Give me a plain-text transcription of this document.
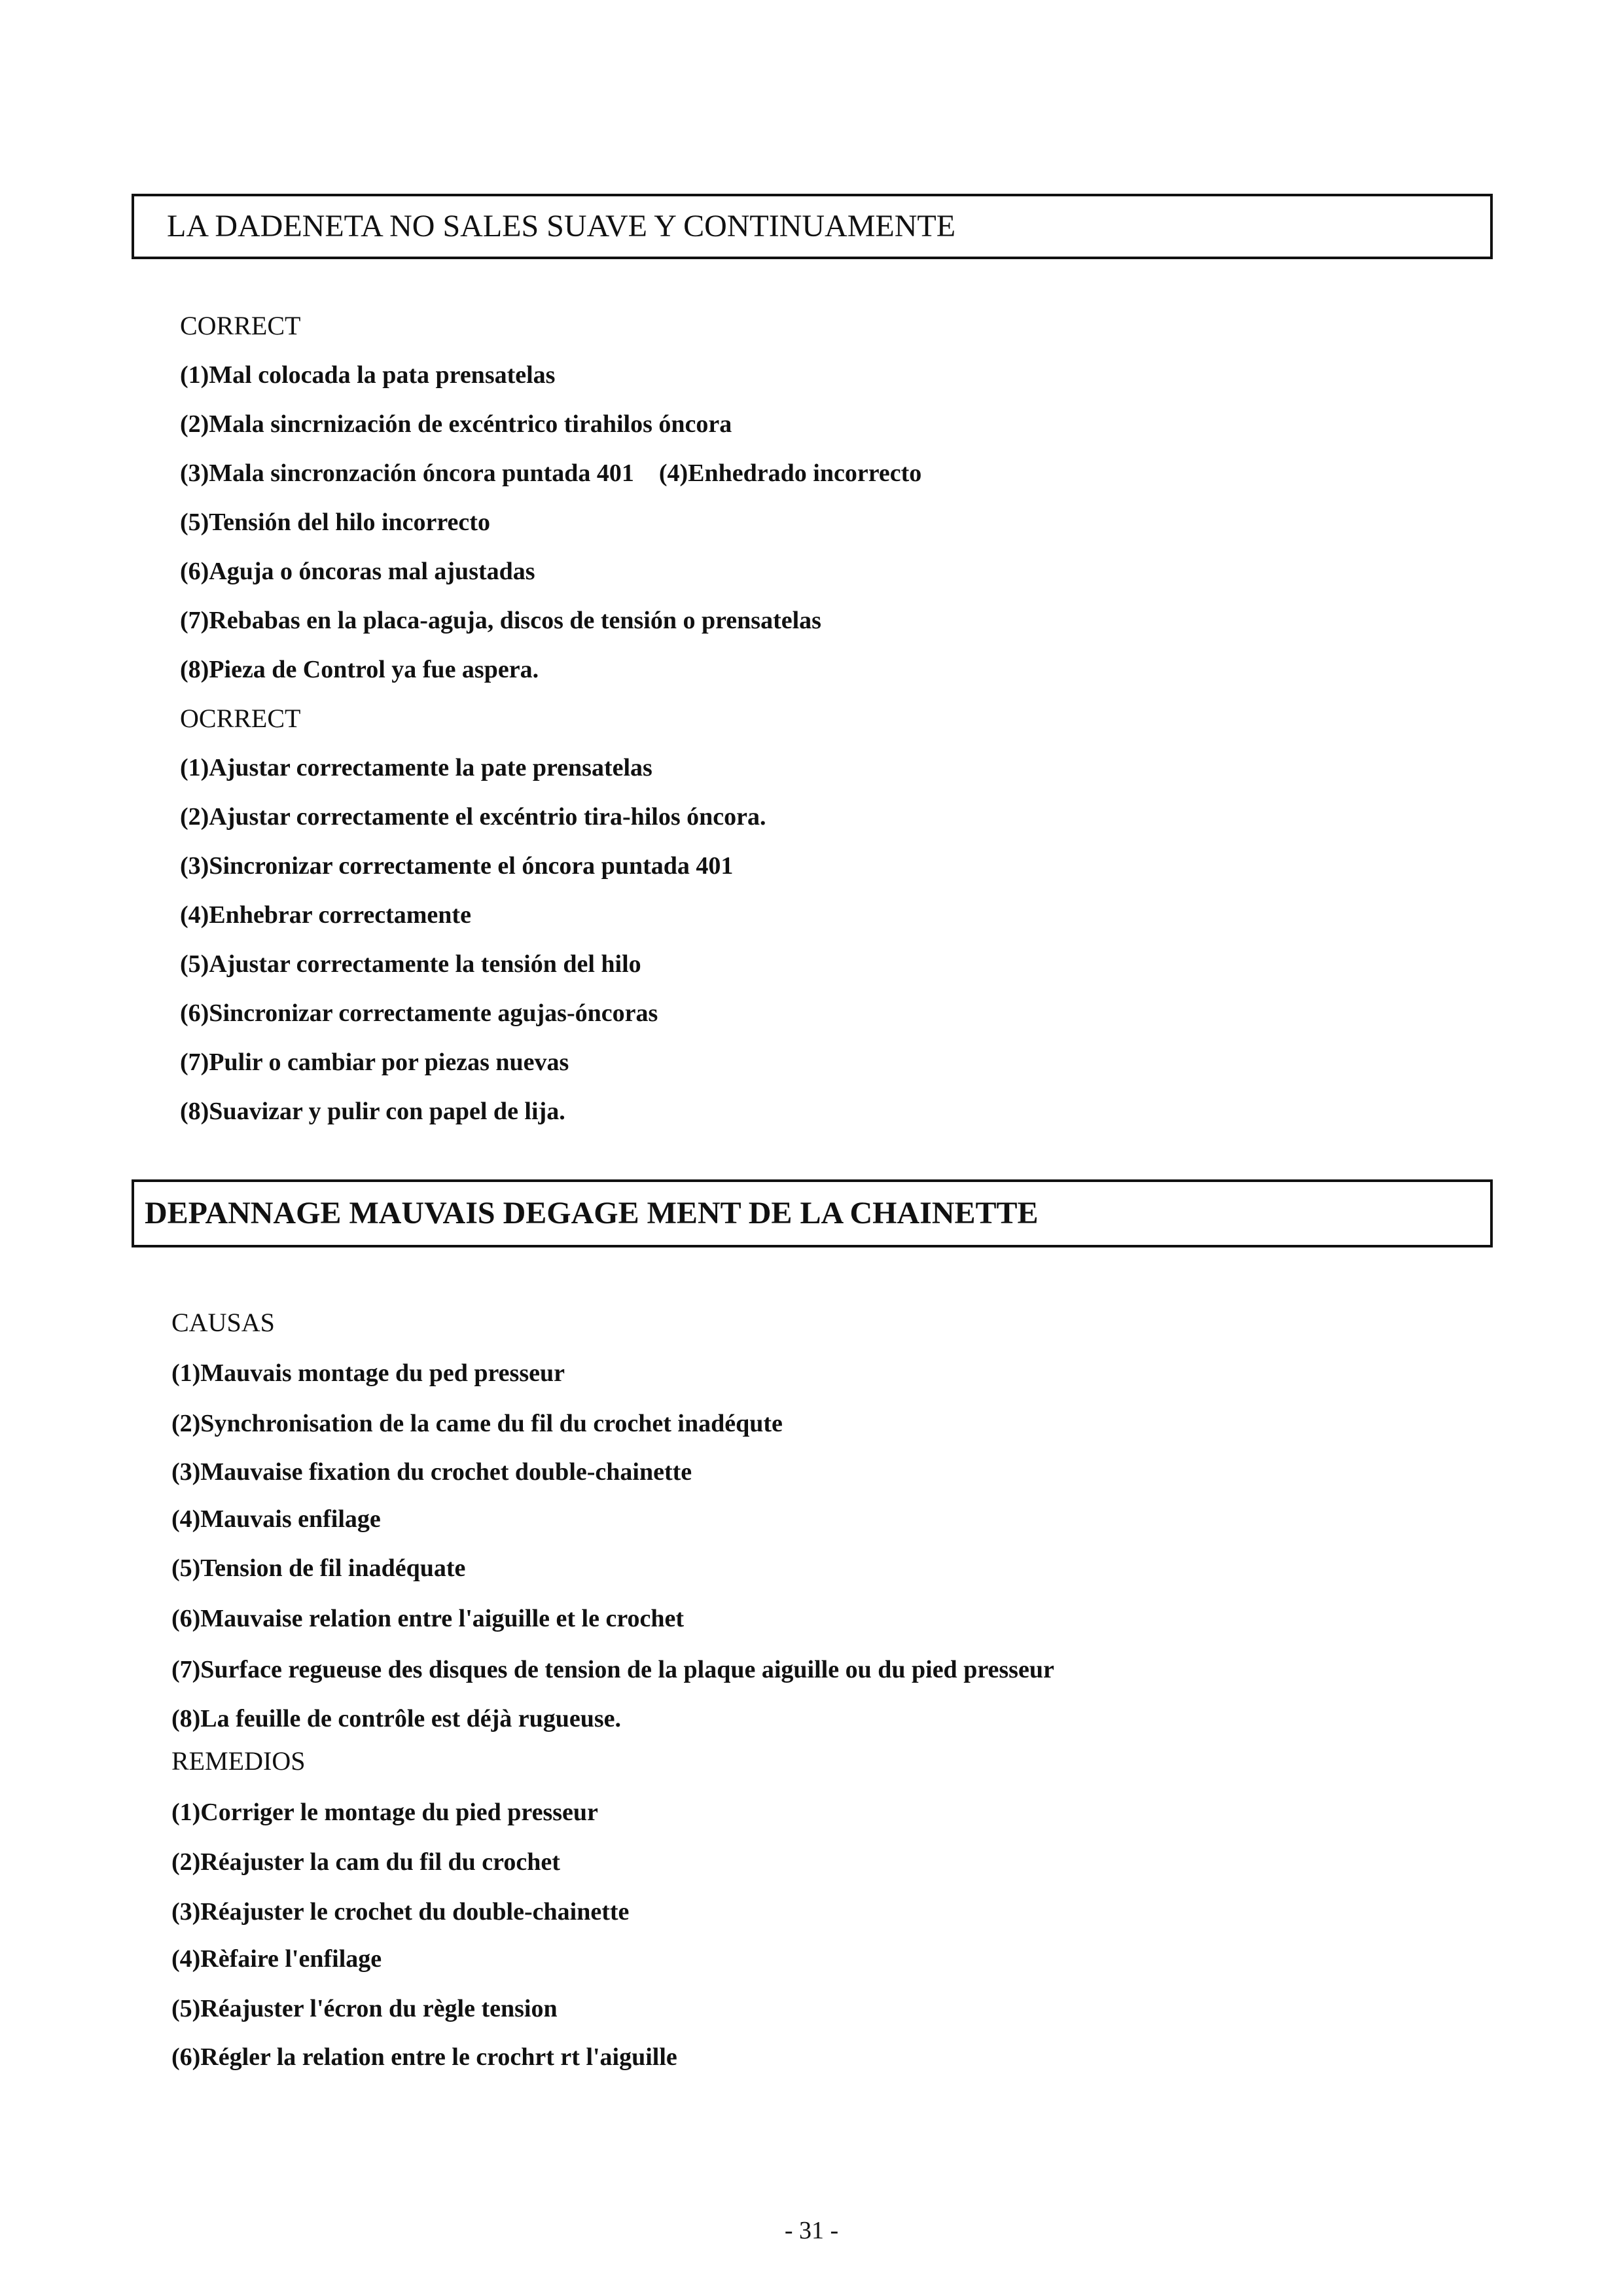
LA DADENETA NO SALES SUAVE Y CONTINUAMENTE
CORRECT
(1)Mal colocada la pata prensatelas
(2)Mala sincrnización de excéntrico tirahilos óncora
(3)Mala sincronzación óncora puntada 401 (4)Enhedrado incorrecto
(5)Tensión del hilo incorrecto
(6)Aguja o óncoras mal ajustadas
(7)Rebabas en la placa-aguja, discos de tensión o prensatelas
(8)Pieza de Control ya fue aspera.
OCRRECT
(1)Ajustar correctamente la pate prensatelas
(2)Ajustar correctamente el excéntrio tira-hilos óncora.
(3)Sincronizar correctamente el óncora puntada 401
(4)Enhebrar correctamente
(5)Ajustar correctamente la tensión del hilo
(6)Sincronizar correctamente agujas-óncoras
(7)Pulir o cambiar por piezas nuevas
(8)Suavizar y pulir con papel de lija.
DEPANNAGE MAUVAIS DEGAGE MENT DE LA CHAINETTE
CAUSAS
(1)Mauvais montage du ped presseur
(2)Synchronisation de la came du fil du crochet inadéqute
(3)Mauvaise fixation du crochet double-chainette
(4)Mauvais enfilage
(5)Tension de fil inadéquate
(6)Mauvaise relation entre l'aiguille et le crochet
(7)Surface regueuse des disques de tension de la plaque aiguille ou du pied presseur
(8)La feuille de contrôle est déjà rugueuse.
REMEDIOS
(1)Corriger le montage du pied presseur
(2)Réajuster la cam du fil du crochet
(3)Réajuster le crochet du double-chainette
(4)Rèfaire l'enfilage
(5)Réajuster l'écron du règle tension
(6)Régler la relation entre le crochrt rt l'aiguille
- 31 -
